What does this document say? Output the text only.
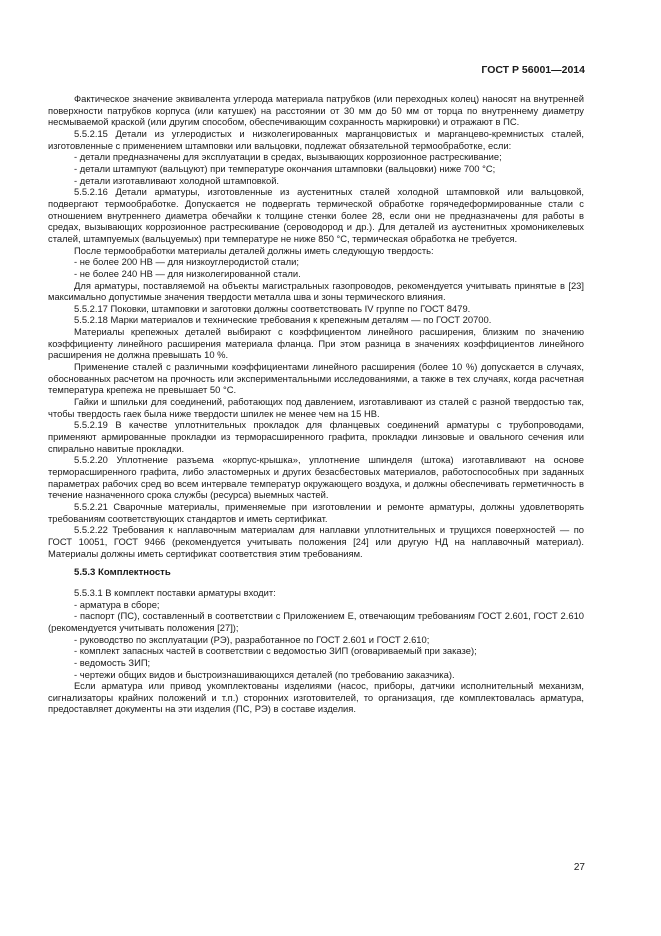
ГОСТ Р 56001—2014

Фактическое значение эквивалента углерода материала патрубков (или переходных колец) наносят на внутренней поверхности патрубков корпуса (или катушек) на расстоянии от 30 мм до 50 мм от торца по внутреннему диаметру несмываемой краской (или другим способом, обеспечивающим сохранность маркировки) и отражают в ПС.

5.5.2.15 Детали из углеродистых и низколегированных марганцовистых и марганцево-кремнистых сталей, изготовленные с применением штамповки или вальцовки, подлежат обязательной термообработке, если:

- детали предназначены для эксплуатации в средах, вызывающих коррозионное растрескивание;

- детали штампуют (вальцуют) при температуре окончания штамповки (вальцовки) ниже 700 °С;

- детали изготавливают холодной штамповкой.

5.5.2.16 Детали арматуры, изготовленные из аустенитных сталей холодной штамповкой или вальцовкой, подвергают термообработке. Допускается не подвергать термической обработке горячедеформированные стали с отношением внутреннего диаметра обечайки к толщине стенки более 28, если они не предназначены для работы в средах, вызывающих коррозионное растрескивание (сероводород и др.). Для деталей из аустенитных хромоникелевых сталей, штампуемых (вальцуемых) при температуре не ниже 850 °С, термическая обработка не требуется.

После термообработки материалы деталей должны иметь следующую твердость:

- не более 200 HB — для низкоуглеродистой стали;

- не более 240 HB — для низколегированной стали.

Для арматуры, поставляемой на объекты магистральных газопроводов, рекомендуется учитывать принятые в [23] максимально допустимые значения твердости металла шва и зоны термического влияния.

5.5.2.17 Поковки, штамповки и заготовки должны соответствовать IV группе по ГОСТ 8479.

5.5.2.18 Марки материалов и технические требования к крепежным деталям — по ГОСТ 20700.

Материалы крепежных деталей выбирают с коэффициентом линейного расширения, близким по значению коэффициенту линейного расширения материала фланца. При этом разница в значениях коэффициентов линейного расширения не должна превышать 10 %.

Применение сталей с различными коэффициентами линейного расширения (более 10 %) допускается в случаях, обоснованных расчетом на прочность или экспериментальными исследованиями, а также в тех случаях, когда расчетная температура крепежа не превышает 50 °С.

Гайки и шпильки для соединений, работающих под давлением, изготавливают из сталей с разной твердостью так, чтобы твердость гаек была ниже твердости шпилек не менее чем на 15 HB.

5.5.2.19 В качестве уплотнительных прокладок для фланцевых соединений арматуры с трубопроводами, применяют армированные прокладки из терморасширенного графита, прокладки линзовые и овального сечения или спирально навитые прокладки.

5.5.2.20 Уплотнение разъема «корпус-крышка», уплотнение шпинделя (штока) изготавливают на основе терморасширенного графита, либо эластомерных и других безасбестовых материалов, работоспособных при заданных параметрах рабочих сред во всем интервале температур окружающего воздуха, и должны обеспечивать герметичность в течение назначенного срока службы (ресурса) выемных частей.

5.5.2.21 Сварочные материалы, применяемые при изготовлении и ремонте арматуры, должны удовлетворять требованиям соответствующих стандартов и иметь сертификат.

5.5.2.22 Требования к наплавочным материалам для наплавки уплотнительных и трущихся поверхностей — по ГОСТ 10051, ГОСТ 9466 (рекомендуется учитывать положения [24] или другую НД на наплавочный материал). Материалы должны иметь сертификат соответствия этим требованиям.

5.5.3 Комплектность

5.5.3.1 В комплект поставки арматуры входит:

- арматура в сборе;

- паспорт (ПС), составленный в соответствии с Приложением Е, отвечающим требованиям ГОСТ 2.601, ГОСТ 2.610 (рекомендуется учитывать положения [27]);

- руководство по эксплуатации (РЭ), разработанное по ГОСТ 2.601 и ГОСТ 2.610;

- комплект запасных частей в соответствии с ведомостью ЗИП (оговариваемый при заказе);

- ведомость ЗИП;

- чертежи общих видов и быстроизнашивающихся деталей (по требованию заказчика).

Если арматура или привод укомплектованы изделиями (насос, приборы, датчики исполнительный механизм, сигнализаторы крайних положений и т.п.) сторонних изготовителей, то организация, где комплектовалась арматура, предоставляет документы на эти изделия (ПС, РЭ) в составе изделия.

27
